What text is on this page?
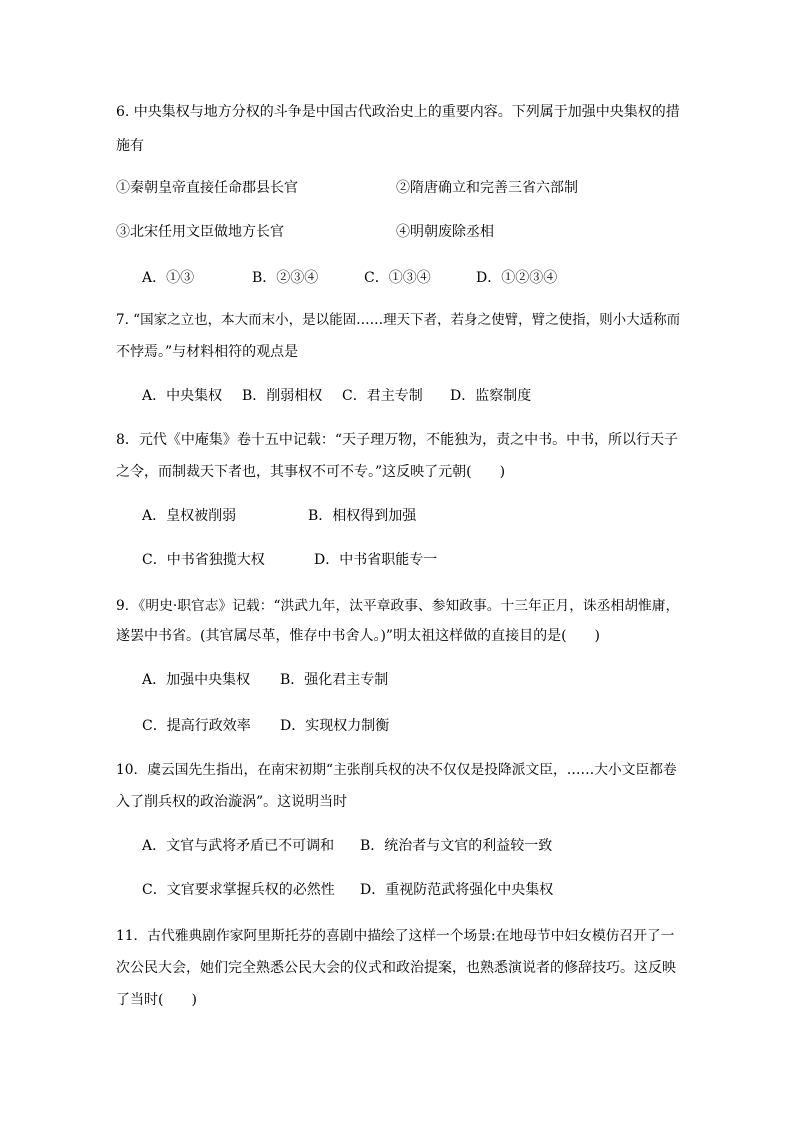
6. 中央集权与地方分权的斗争是中国古代政治史上的重要内容。下列属于加强中央集权的措
施有
①秦朝皇帝直接任命郡县长官	②隋唐确立和完善三省六部制
③北宋任用文臣做地方长官	④明朝废除丞相
A．①③	B．②③④	C．①③④	D．①②③④
7. “国家之立也，本大而末小，是以能固……理天下者，若身之使臂，臂之使指，则小大适称而
不悖焉。”与材料相符的观点是
A．中央集权 B．削弱相权 C．君主专制 D．监察制度
8．元代《中庵集》卷十五中记载：“天子理万物，不能独为，责之中书。中书，所以行天子
之令，而制裁天下者也，其事权不可不专。”这反映了元朝(　　)
A．皇权被削弱	B．相权得到加强
C．中书省独揽大权	D．中书省职能专一
9．《明史·职官志》记载：“洪武九年，汰平章政事、参知政事。十三年正月，诛丞相胡惟庸，
遂罢中书省。(其官属尽革，惟存中书舍人。)”明太祖这样做的直接目的是(　　)
A．加强中央集权 B．强化君主专制
C．提高行政效率 D．实现权力制衡
10．虞云国先生指出，在南宋初期“主张削兵权的决不仅仅是投降派文臣，……大小文臣都卷
入了削兵权的政治漩涡”。这说明当时
A．文官与武将矛盾已不可调和 B．统治者与文官的利益较一致
C．文官要求掌握兵权的必然性 D．重视防范武将强化中央集权
11．古代雅典剧作家阿里斯托芬的喜剧中描绘了这样一个场景:在地母节中妇女模仿召开了一
次公民大会，她们完全熟悉公民大会的仪式和政治提案，也熟悉演说者的修辞技巧。这反映
了当时(　　)
